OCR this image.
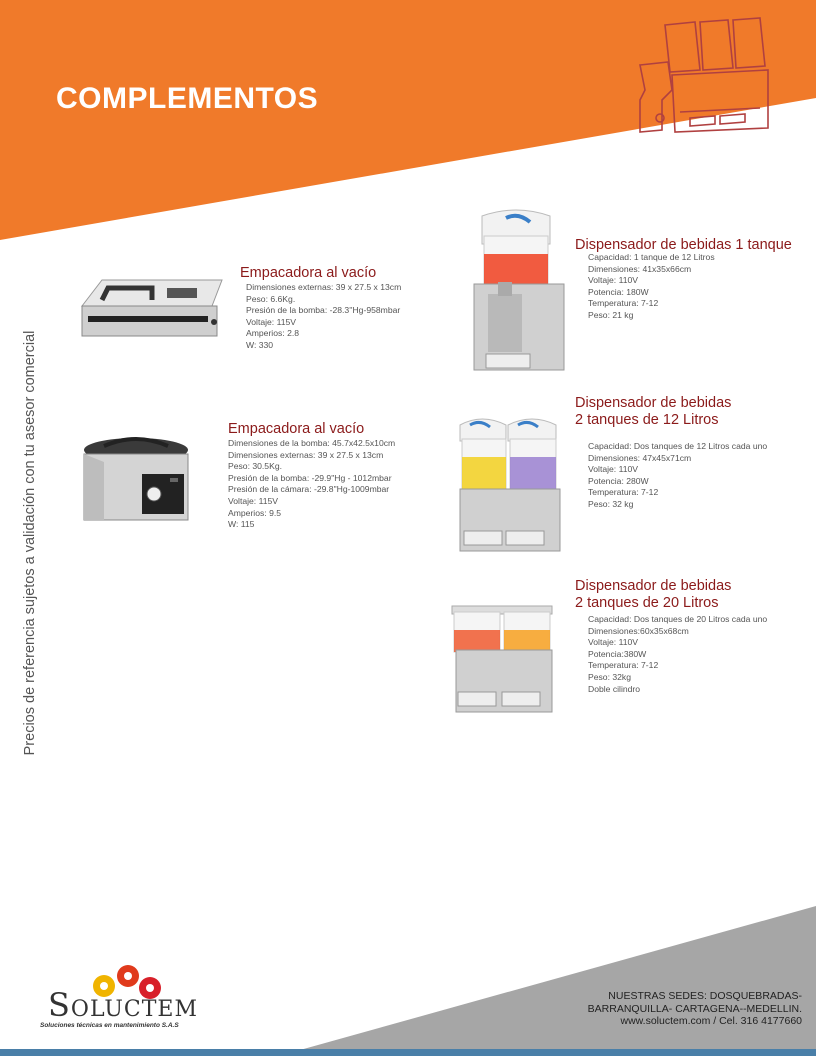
COMPLEMENTOS
Precios de referencia sujetos a validación con tu asesor comercial
Empacadora al vacío
Dimensiones externas: 39 x 27.5 x 13cm
Peso: 6.6Kg.
Presión de la bomba: -28.3''Hg-958mbar
Voltaje: 115V
Amperios: 2.8
W: 330
Empacadora al vacío
Dimensiones de la bomba: 45.7x42.5x10cm
Dimensiones externas: 39 x 27.5 x 13cm
Peso: 30.5Kg.
Presión de la bomba: -29.9"Hg - 1012mbar
Presión de la cámara: -29.8"Hg-1009mbar
Voltaje: 115V
Amperios: 9.5
W: 115
Dispensador de bebidas 1 tanque
Capacidad: 1 tanque de 12 Litros
Dimensiones: 41x35x66cm
Voltaje: 110V
Potencia: 180W
Temperatura: 7-12
Peso: 21 kg
Dispensador de bebidas
2 tanques de 12 Litros
Capacidad: Dos tanques de 12 Litros cada uno
Dimensiones: 47x45x71cm
Voltaje: 110V
Potencia: 280W
Temperatura: 7-12
Peso: 32 kg
Dispensador de bebidas
2 tanques de 20 Litros
Capacidad: Dos tanques de 20 Litros cada uno
Dimensiones:60x35x68cm
Voltaje: 110V
Potencia:380W
Temperatura: 7-12
Peso: 32kg
Doble cilindro
SOLUCTEM
Soluciones técnicas en mantenimiento S.A.S
NUESTRAS SEDES: DOSQUEBRADAS-
BARRANQUILLA- CARTAGENA--MEDELLIN.
www.soluctem.com / Cel. 316 4177660
